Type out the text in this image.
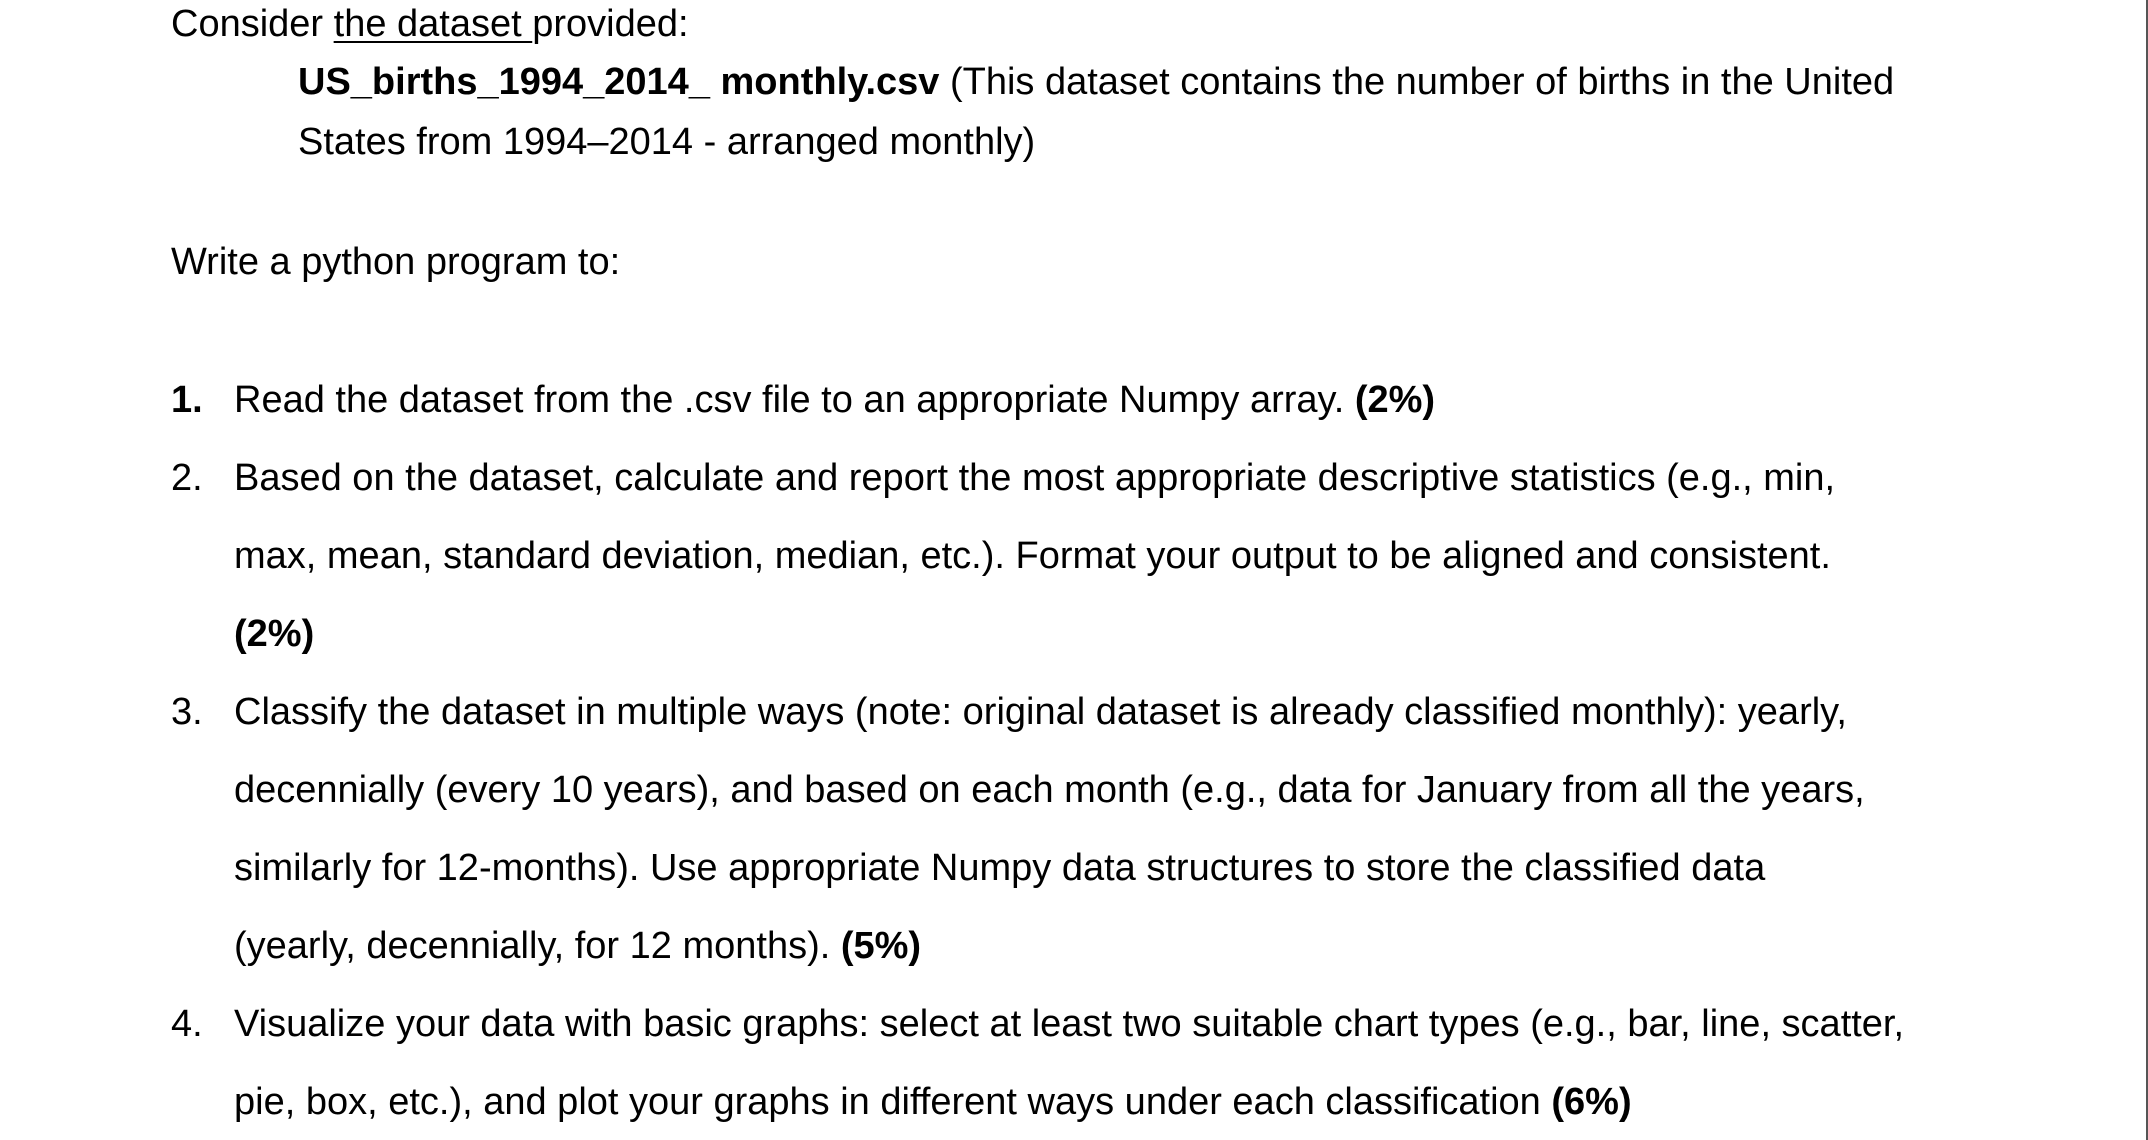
Consider the dataset provided:
US_births_1994_2014_ monthly.csv (This dataset contains the number of births in the United
States from 1994–2014 - arranged monthly)
Write a python program to:
1. Read the dataset from the .csv file to an appropriate Numpy array. (2%)
2. Based on the dataset, calculate and report the most appropriate descriptive statistics (e.g., min,
max, mean, standard deviation, median, etc.). Format your output to be aligned and consistent.
(2%)
3. Classify the dataset in multiple ways (note: original dataset is already classified monthly): yearly,
decennially (every 10 years), and based on each month (e.g., data for January from all the years,
similarly for 12-months). Use appropriate Numpy data structures to store the classified data
(yearly, decennially, for 12 months). (5%)
4. Visualize your data with basic graphs: select at least two suitable chart types (e.g., bar, line, scatter,
pie, box, etc.), and plot your graphs in different ways under each classification (6%)
